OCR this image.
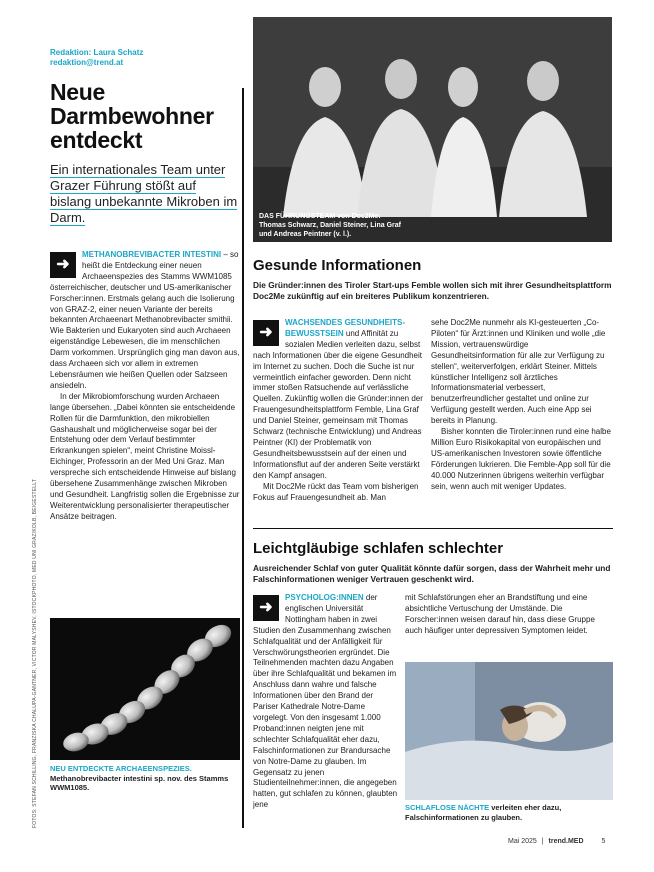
Redaktion: Laura Schatz
redaktion@trend.at
Neue
Darmbewohner
entdeckt
Ein internationales Team unter Grazer Führung stößt auf bislang unbekannte Mikroben im Darm.
➜
METHANOBREVIBACTER INTESTINI – so heißt die Entdeckung einer neuen Archaeenspezies des Stamms WWM1085 österreichischer, deutscher und US-amerikanischer Forscher:innen. Erstmals gelang auch die Isolierung von GRAZ-2, einer neuen Variante der bereits bekannten Archaeenart Methanobrevibacter smithii. Wie Bakterien und Eukaryoten sind auch Archaeen eigenständige Lebewesen, die im menschlichen Darm vorkommen. Ursprünglich ging man davon aus, dass Archaeen sich vor allem in extremen Lebensräumen wie heißen Quellen oder Salzseen ansiedeln.
In der Mikrobiomforschung wurden Archaeen lange übersehen. „Dabei könnten sie entscheidende Rollen für die Darmfunktion, den mikrobiellen Gashaushalt und möglicherweise sogar bei der Entstehung oder dem Verlauf bestimmter Erkrankungen spielen“, meint Christine Moissl-Eichinger, Professorin an der Med Uni Graz. Man verspreche sich entscheidende Hinweise auf bislang übersehene Zusammenhänge zwischen Mikroben und Gesundheit. Langfristig sollen die Ergebnisse zur Weiterentwicklung personalisierter therapeutischer Ansätze beitragen.
FOTOS: STEFAN SCHILLING, FRANZISKA CHALUPA-GANTNER, VICTOR MALYSHEV, ISTOCKPHOTO, MED UNI GRAZ/KOLB, BEIGESTELLT NEU ENTDECKTE ARCHAEENSPEZIES.
Methanobrevibacter intestini sp. nov. des Stamms WWM1085.
DAS FÜHRUNGSTEAM von Doc2Me:
Thomas Schwarz, Daniel Steiner, Lina Graf
und Andreas Peintner (v. l.).
Gesunde Informationen
Die Gründer:innen des Tiroler Start-ups Femble wollen sich mit ihrer Gesundheitsplattform Doc2Me zukünftig auf ein breiteres Publikum konzentrieren.
➜
WACHSENDES GESUNDHEITS-BEWUSSTSEIN und Affinität zu sozialen Medien verleiten dazu, selbst nach Informationen über die eigene Gesundheit im Internet zu suchen. Doch die Suche ist nur vermeintlich einfacher geworden. Denn nicht immer stoßen Ratsuchende auf verlässliche Quellen. Zukünftig wollen die Gründer:innen der Frauengesundheitsplattform Femble, Lina Graf und Daniel Steiner, gemeinsam mit Thomas Schwarz (technische Entwicklung) und Andreas Peintner (KI) der Problematik von Gesundheitsbewusstsein auf der einen und Informationsflut auf der anderen Seite verstärkt den Kampf ansagen.
Mit Doc2Me rückt das Team vom bisherigen Fokus auf Frauengesundheit ab. Man
sehe Doc2Me nunmehr als KI-gesteuerten „Co-Piloten“ für Ärzt:innen und Kliniken und wolle „die Mission, vertrauenswürdige Gesundheitsinformation für alle zur Verfügung zu stellen“, weiterverfolgen, erklärt Steiner. Mittels künstlicher Intelligenz soll ärztliches Informationsmaterial verbessert, benutzerfreundlicher gestaltet und online zur Verfügung gestellt werden. Auch eine App sei bereits in Planung.
Bisher konnten die Tiroler:innen rund eine halbe Million Euro Risikokapital von europäischen und US-amerikanischen Investoren sowie öffentliche Förderungen lukrieren. Die Femble-App soll für die 40.000 Nutzerinnen übrigens weiterhin verfügbar sein, wenn auch mit weniger Updates.
Leichtgläubige schlafen schlechter
Ausreichender Schlaf von guter Qualität könnte dafür sorgen, dass der Wahrheit mehr und Falschinformationen weniger Vertrauen geschenkt wird.
➜
PSYCHOLOG:INNEN der englischen Universität Nottingham haben in zwei Studien den Zusammenhang zwischen Schlafqualität und der Anfälligkeit für Verschwörungstheorien ergründet. Die Teilnehmenden machten dazu Angaben über ihre Schlafqualität und bekamen im Anschluss dann wahre und falsche Informationen über den Brand der Pariser Kathedrale Notre-Dame vorgelegt. Von den insgesamt 1.000 Proband:innen neigten jene mit schlechter Schlafqualität eher dazu, Falschinformationen zur Brandursache von Notre-Dame zu glauben. Im Gegensatz zu jenen Studienteilnehmer:innen, die angegeben hatten, gut schlafen zu können, glaubten jene
mit Schlafstörungen eher an Brandstiftung und eine absichtliche Vertuschung der Umstände. Die Forscher:innen weisen darauf hin, dass diese Gruppe auch häufiger unter depressiven Symptomen leidet.
SCHLAFLOSE NÄCHTE verleiten eher dazu, Falschinformationen zu glauben.
Mai 2025 | trend.MED	5
